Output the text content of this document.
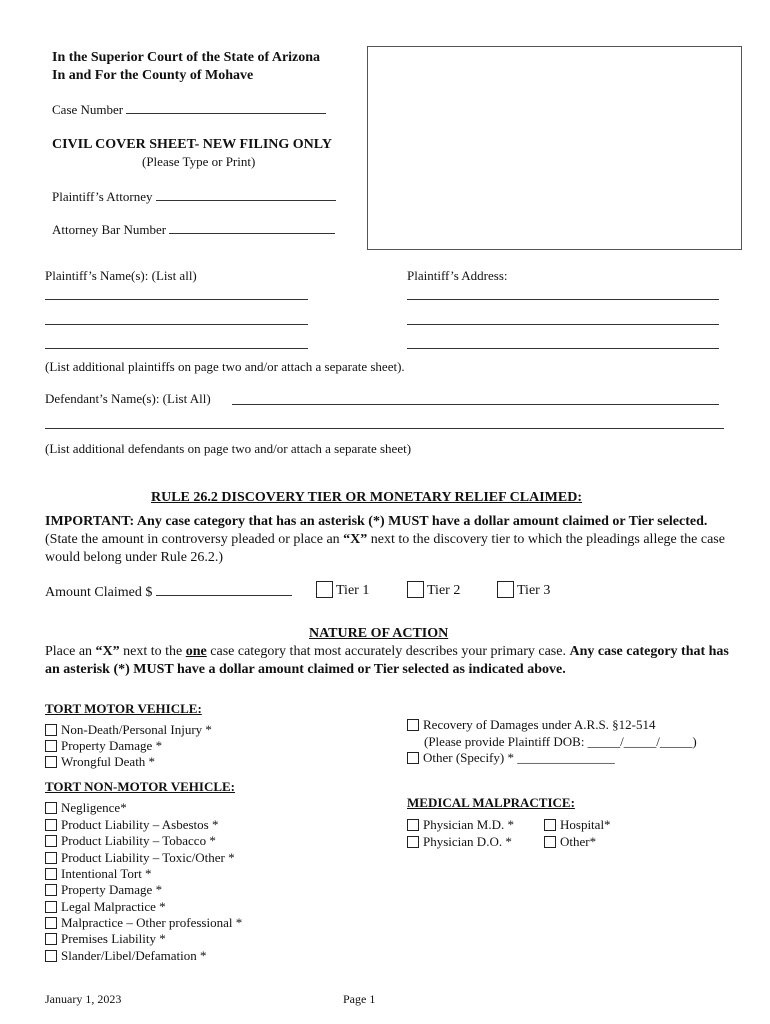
In the Superior Court of the State of Arizona
In and For the County of Mohave
Case Number
CIVIL COVER SHEET- NEW FILING ONLY
(Please Type or Print)
Plaintiff’s Attorney
Attorney Bar Number
Plaintiff’s Name(s): (List all)	Plaintiff’s Address:
(List additional plaintiffs on page two and/or attach a separate sheet).
Defendant’s Name(s): (List All)
(List additional defendants on page two and/or attach a separate sheet)
RULE 26.2 DISCOVERY TIER OR MONETARY RELIEF CLAIMED:
IMPORTANT: Any case category that has an asterisk (*) MUST have a dollar amount claimed or Tier selected. (State the amount in controversy pleaded or place an “X” next to the discovery tier to which the pleadings allege the case would belong under Rule 26.2.)
Amount Claimed $	Tier 1	Tier 2	Tier 3
NATURE OF ACTION
Place an “X” next to the one case category that most accurately describes your primary case. Any case category that has an asterisk (*) MUST have a dollar amount claimed or Tier selected as indicated above.
TORT MOTOR VEHICLE:
Non-Death/Personal Injury *
Property Damage *
Wrongful Death *
Recovery of Damages under A.R.S. §12-514
(Please provide Plaintiff DOB: _____/_____/_____)
Other (Specify) * _______________
TORT NON-MOTOR VEHICLE:
Negligence*
Product Liability – Asbestos *
Product Liability – Tobacco *
Product Liability – Toxic/Other *
Intentional Tort *
Property Damage *
Legal Malpractice *
Malpractice – Other professional *
Premises Liability *
Slander/Libel/Defamation *
MEDICAL MALPRACTICE:
Physician M.D. *	Hospital*
Physician D.O. *	Other*
January 1, 2023	Page 1
